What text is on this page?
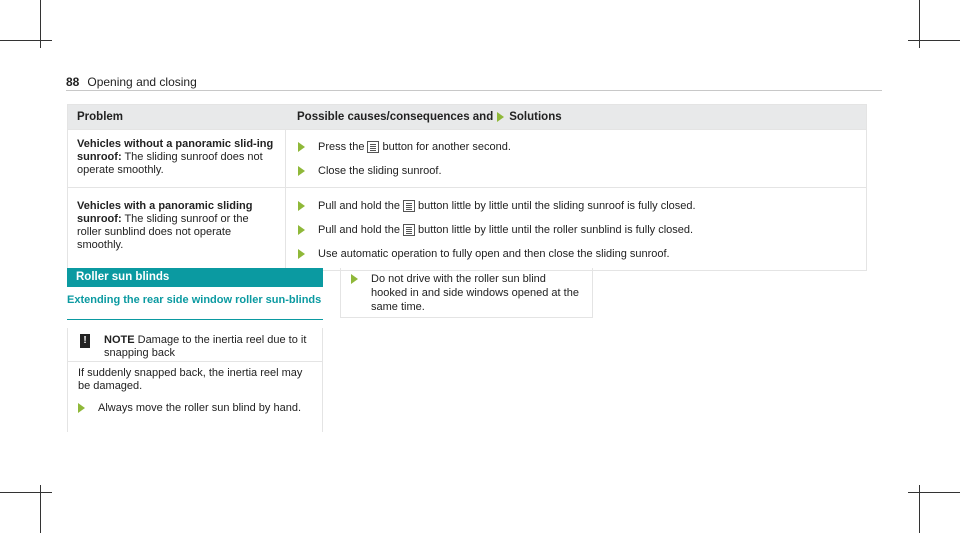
88 Opening and closing
Problem	Possible causes/consequences and Solutions
Vehicles without a panoramic slid-ing sunroof: The sliding sunroof does not operate smoothly.
Press the button for another second.
Close the sliding sunroof.
Vehicles with a panoramic sliding sunroof: The sliding sunroof or the roller sunblind does not operate smoothly.
Pull and hold the button little by little until the sliding sunroof is fully closed.
Pull and hold the button little by little until the roller sunblind is fully closed.
Use automatic operation to fully open and then close the sliding sunroof.
Roller sun blinds
Extending the rear side window roller sun-blinds
!	NOTE Damage to the inertia reel due to it snapping back

If suddenly snapped back, the inertia reel may be damaged.

Always move the roller sun blind by hand.
Do not drive with the roller sun blind hooked in and side windows opened at the same time.
